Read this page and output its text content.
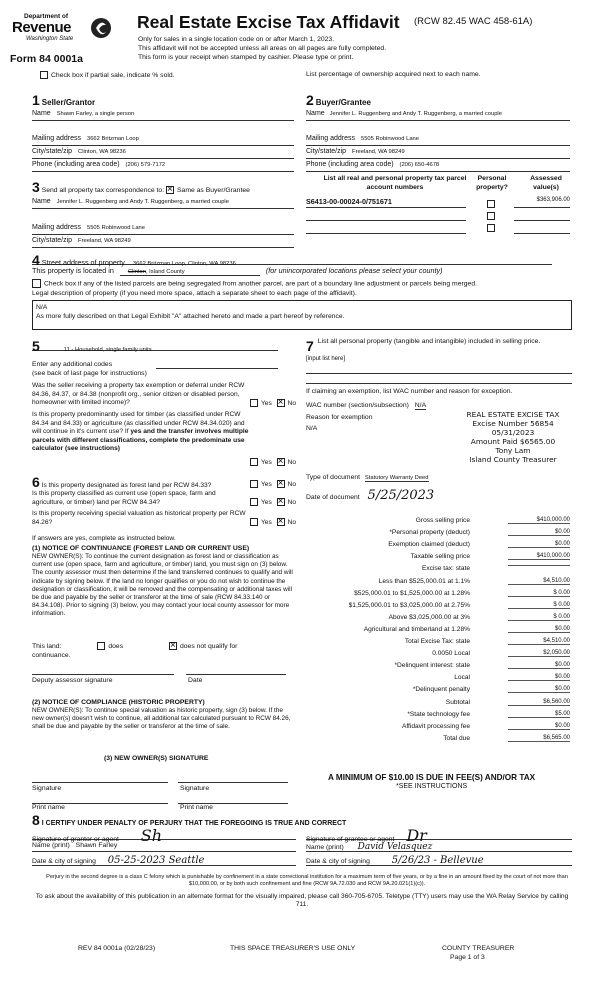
Department of
Revenue
Washington State
Form 84 0001a
Real Estate Excise Tax Affidavit (RCW 82.45 WAC 458-61A)
Only for sales in a single location code on or after March 1, 2023.
This affidavit will not be accepted unless all areas on all pages are fully completed.
This form is your receipt when stamped by cashier. Please type or print.
Check box if partial sale, indicate % sold.	List percentage of ownership acquired next to each name.
1 Seller/Grantor
Name Shawn Farley, a single person
Mailing address 3662 Britzman Loop
City/state/zip Clinton, WA 98236
Phone (including area code) (206) 579-7172
2 Buyer/Grantee
Name Jennifer L. Ruggenberg and Andy T. Ruggenberg, a married couple
Mailing address 5505 Robinwood Lane
City/state/zip Freeland, WA 98249
Phone (including area code) (206) 650-4678
3 Send all property tax correspondence to: × Same as Buyer/Grantee
Name Jennifer L. Ruggenberg and Andy T. Ruggenberg, a married couple
Mailing address 5505 Robinwood Lane
City/state/zip Freeland, WA 98249
List all real and personal property tax parcel account numbers
Personal property?
Assessed value(s)
S6413-00-00024-0/751671	$363,906.00
4 Street address of property 3662 Britzman Loop, Clinton, WA 98236
This property is located in Clinton, Island County	(for unincorporated locations please select your county)
Check box if any of the listed parcels are being segregated from another parcel, are part of a boundary line adjustment or parcels being merged.
Legal description of property (if you need more space, attach a separate sheet to each page of the affidavit).
N/A
As more fully described on that Legal Exhibit "A" attached hereto and made a part hereof by reference.
5	11 - Household, single family units
Enter any additional codes
(see back of last page for instructions)
Was the seller receiving a property tax exemption or deferral under RCW 84.36, 84.37, or 84.38 (nonprofit org., senior citizen or disabled person, homeowner with limited income)?	Yes × No
Is this property predominantly used for timber (as classified under RCW 84.34 and 84.33) or agriculture (as classified under RCW 84.34.020) and will continue in it's current use? If yes and the transfer involves multiple parcels with different classifications, complete the predominate use calculator (see instructions)
Yes × No
6 Is this property designated as forest land per RCW 84.33?	Yes × No
Is this property classified as current use (open space, farm and agriculture, or timber) land per RCW 84.34?	Yes × No
Is this property receiving special valuation as historical property per RCW 84.26?	Yes × No
If answers are yes, complete as instructed below.
(1) NOTICE OF CONTINUANCE (FOREST LAND OR CURRENT USE)
NEW OWNER(S): To continue the current designation as forest land or classification as current use (open space, farm and agriculture, or timber) land, you must sign on (3) below. The county assessor must then determine if the land transferred continues to qualify and will indicate by signing below. If the land no longer qualifies or you do not wish to continue the designation or classification, it will be removed and the compensating or additional taxes will be due and payable by the seller or transferor at the time of sale (RCW 84.33.140 or 84.34.108). Prior to signing (3) below, you may contact your local county assessor for more information.
This land:	does ×	does not qualify for
continuance.
Deputy assessor signature	Date
(2) NOTICE OF COMPLIANCE (HISTORIC PROPERTY)
NEW OWNER(S): To continue special valuation as historic property, sign (3) below. If the new owner(s) doesn't wish to continue, all additional tax calculated pursuant to RCW 84.26, shall be due and payable by the seller or transferor at the time of sale.
(3) NEW OWNER(S) SIGNATURE
Signature	Signature
Print name	Print name
7 List all personal property (tangible and intangible) included in selling price.
[input list here]
If claiming an exemption, list WAC number and reason for exception.
WAC number (section/subsection) N/A
Reason for exemption
N/A
REAL ESTATE EXCISE TAX
Excise Number 56854
05/31/2023
Amount Paid $6565.00
Tony Lam
Island County Treasurer
Type of document Statutory Warranty Deed
Date of document 5/25/2023
Gross selling price	$410,000.00
*Personal property (deduct)	$0.00
Exemption claimed (deduct)	$0.00
Taxable selling price	$410,000.00
Excise tax: state
Less than $525,000.01 at 1.1%	$4,510.00
$525,000.01 to $1,525,000.00 at 1.28%	$ 0.00
$1,525,000.01 to $3,025,000.00 at 2.75%	$ 0.00
Above $3,025,000.00 at 3%	$ 0.00
Agricultural and timberland at 1.28%	$0.00
Total Excise Tax: state	$4,510.00
0.0050 Local	$2,050.00
*Delinquent interest: state	$0.00
Local	$0.00
*Delinquent penalty	$0.00
Subtotal	$6,560.00
*State technology fee	$5.00
Affidavit processing fee	$0.00
Total due	$6,565.00
A MINIMUM OF $10.00 IS DUE IN FEE(S) AND/OR TAX
*SEE INSTRUCTIONS
8 I CERTIFY UNDER PENALTY OF PERJURY THAT THE FOREGOING IS TRUE AND CORRECT
Signature of grantor or agent Sh
Name (print) Shawn Farley
Date & city of signing 05-25-2023 Seattle
Signature of grantee or agent Dr
Name (print) David Velasquez
Date & city of signing 5/26/23 - Bellevue
Perjury in the second degree is a class C felony which is punishable by confinement in a state correctional institution for a maximum term of five years, or by a fine in an amount fixed by the court of not more than $10,000.00, or by both such confinement and fine (RCW 9A.72.030 and RCW 9A.20.021(1)(c)).
To ask about the availability of this publication in an alternate format for the visually impaired, please call 360-705-6705. Teletype (TTY) users may use the WA Relay Service by calling 711.
REV 84 0001a (02/28/23)	THIS SPACE TREASURER'S USE ONLY	COUNTY TREASURER
Page 1 of 3
